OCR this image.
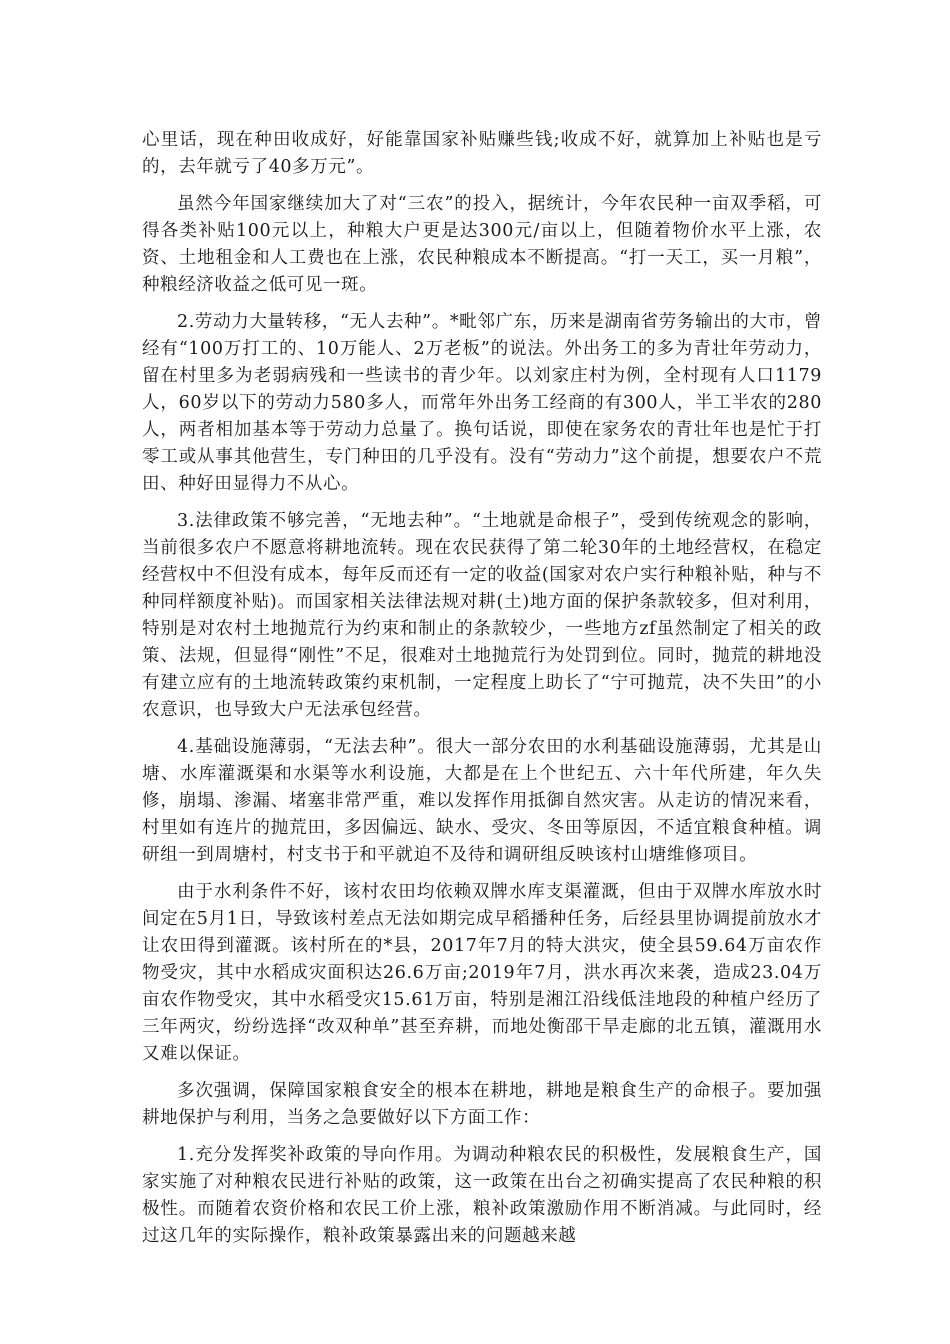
心里话，现在种田收成好，好能靠国家补贴赚些钱;收成不好，就算加上补贴也是亏的，去年就亏了40多万元”。

虽然今年国家继续加大了对“三农”的投入，据统计，今年农民种一亩双季稻，可得各类补贴100元以上，种粮大户更是达300元/亩以上，但随着物价水平上涨，农资、土地租金和人工费也在上涨，农民种粮成本不断提高。“打一天工，买一月粮”，种粮经济收益之低可见一斑。

2.劳动力大量转移，“无人去种”。*毗邻广东，历来是湖南省劳务输出的大市，曾经有“100万打工的、10万能人、2万老板”的说法。外出务工的多为青壮年劳动力，留在村里多为老弱病残和一些读书的青少年。以刘家庄村为例，全村现有人口1179人，60岁以下的劳动力580多人，而常年外出务工经商的有300人，半工半农的280人，两者相加基本等于劳动力总量了。换句话说，即使在家务农的青壮年也是忙于打零工或从事其他营生，专门种田的几乎没有。没有“劳动力”这个前提，想要农户不荒田、种好田显得力不从心。

3.法律政策不够完善，“无地去种”。“土地就是命根子”，受到传统观念的影响，当前很多农户不愿意将耕地流转。现在农民获得了第二轮30年的土地经营权，在稳定经营权中不但没有成本，每年反而还有一定的收益(国家对农户实行种粮补贴，种与不种同样额度补贴)。而国家相关法律法规对耕(土)地方面的保护条款较多，但对利用，特别是对农村土地抛荒行为约束和制止的条款较少，一些地方zf虽然制定了相关的政策、法规，但显得“刚性”不足，很难对土地抛荒行为处罚到位。同时，抛荒的耕地没有建立应有的土地流转政策约束机制，一定程度上助长了“宁可抛荒，决不失田”的小农意识，也导致大户无法承包经营。

4.基础设施薄弱，“无法去种”。很大一部分农田的水利基础设施薄弱，尤其是山塘、水库灌溉渠和水渠等水利设施，大都是在上个世纪五、六十年代所建，年久失修，崩塌、渗漏、堵塞非常严重，难以发挥作用抵御自然灾害。从走访的情况来看，村里如有连片的抛荒田，多因偏远、缺水、受灾、冬田等原因，不适宜粮食种植。调研组一到周塘村，村支书于和平就迫不及待和调研组反映该村山塘维修项目。

由于水利条件不好，该村农田均依赖双牌水库支渠灌溉，但由于双牌水库放水时间定在5月1日，导致该村差点无法如期完成早稻播种任务，后经县里协调提前放水才让农田得到灌溉。该村所在的*县，2017年7月的特大洪灾，使全县59.64万亩农作物受灾，其中水稻成灾面积达26.6万亩;2019年7月，洪水再次来袭，造成23.04万亩农作物受灾，其中水稻受灾15.61万亩，特别是湘江沿线低洼地段的种植户经历了三年两灾，纷纷选择“改双种单”甚至弃耕，而地处衡邵干旱走廊的北五镇，灌溉用水又难以保证。

多次强调，保障国家粮食安全的根本在耕地，耕地是粮食生产的命根子。要加强耕地保护与利用，当务之急要做好以下方面工作：

1.充分发挥奖补政策的导向作用。为调动种粮农民的积极性，发展粮食生产，国家实施了对种粮农民进行补贴的政策，这一政策在出台之初确实提高了农民种粮的积极性。而随着农资价格和农民工价上涨，粮补政策激励作用不断消减。与此同时，经过这几年的实际操作，粮补政策暴露出来的问题越来越
